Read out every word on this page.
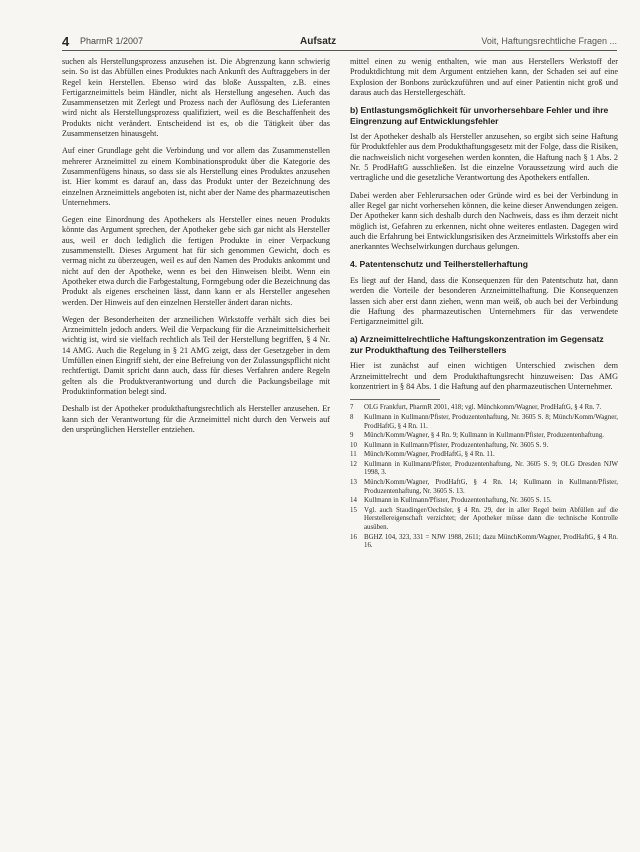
4 PharmR 1/2007	Aufsatz	Voit, Haftungsrechtliche Fragen ...

suchen als Herstellungsprozess anzusehen ist. Die Abgrenzung kann schwierig sein. So ist das Abfüllen eines Produktes nach Ankunft des Auftraggebers in der Regel kein Herstellen. Ebenso wird das bloße Ausspalten, z.B. eines Fertigarzneimittels beim Händler, nicht als Herstellung angesehen. Auch das Zusammensetzen mit Zerlegt und Prozess nach der Auflösung des Lieferanten wird nicht als Herstellungsprozess qualifiziert, weil es die Beschaffenheit des Produkts nicht verändert. Entscheidend ist es, ob die Tätigkeit über das Zusammensetzen hinausgeht.

Auf einer Grundlage geht die Verbindung und vor allem das Zusammenstellen mehrerer Arzneimittel zu einem Kombinationsprodukt über die Kategorie des Zusammenfügens hinaus, so dass sie als Herstellung eines Produktes anzusehen ist. Hier kommt es darauf an, dass das Produkt unter der Bezeichnung des einzelnen Arzneimittels angeboten ist, nicht aber der Name des pharmazeutischen Unternehmers.

Gegen eine Einordnung des Apothekers als Hersteller eines neuen Produkts könnte das Argument sprechen, der Apotheker gebe sich gar nicht als Hersteller aus, weil er doch lediglich die fertigen Produkte in einer Verpackung zusammenstellt. Dieses Argument hat für sich genommen Gewicht, doch es vermag nicht zu überzeugen, weil es auf den Namen des Produkts ankommt und nicht auf den der Apotheke, wenn es bei den Hinweisen bleibt. Wenn ein Apotheker etwa durch die Farbgestaltung, Formgebung oder die Bezeichnung das Produkt als eigenes erscheinen lässt, dann kann er als Hersteller angesehen werden. Der Hinweis auf den einzelnen Hersteller ändert daran nichts.

Wegen der Besonderheiten der arzneilichen Wirkstoffe verhält sich dies bei Arzneimitteln jedoch anders. Weil die Verpackung für die Arzneimittelsicherheit wichtig ist, wird sie vielfach rechtlich als Teil der Herstellung begriffen, § 4 Nr. 14 AMG. Auch die Regelung in § 21 AMG zeigt, dass der Gesetzgeber in dem Umfüllen einen Eingriff sieht, der eine Befreiung von der Zulassungspflicht nicht rechtfertigt. Damit spricht dann auch, dass für dieses Verfahren andere Regeln gelten als die Produktverantwortung und durch die Packungsbeilage mit Produktinformation belegt sind.

Deshalb ist der Apotheker produkthaftungsrechtlich als Hersteller anzusehen. Er kann sich der Verantwortung für die Arzneimittel nicht durch den Verweis auf den ursprünglichen Hersteller entziehen.

mittel einen zu wenig enthalten, wie man aus Herstellers Werkstoff der Produktdichtung mit dem Argument entziehen kann, der Schaden sei auf eine Explosion der Bonbons zurückzuführen und auf einer Patientin nicht groß und daraus auch das Herstellergeschäft.

b) Entlastungsmöglichkeit für unvorhersehbare Fehler und ihre Eingrenzung auf Entwicklungsfehler

Ist der Apotheker deshalb als Hersteller anzusehen, so ergibt sich seine Haftung für Produktfehler aus dem Produkthaftungsgesetz mit der Folge, dass die Risiken, die nachweislich nicht vorgesehen werden konnten, die Haftung nach § 1 Abs. 2 Nr. 5 ProdHaftG ausschließen. Ist die einzelne Voraussetzung wird auch die vertragliche und die gesetzliche Verantwortung des Apothekers entfallen.

Dabei werden aber Fehlerursachen oder Gründe wird es bei der Verbindung in aller Regel gar nicht vorhersehen können, die keine dieser Anwendungen zeigen. Der Apotheker kann sich deshalb durch den Nachweis, dass es ihm derzeit nicht möglich ist, Gefahren zu erkennen, nicht ohne weiteres entlasten. Dagegen wird auch die Erfahrung bei Entwicklungsrisiken des Arzneimittels Wirkstoffs aber ein anerkanntes Wechselwirkungen durchaus gelungen.

4. Patentenschutz und Teilherstellerhaftung

Es liegt auf der Hand, dass die Konsequenzen für den Patentschutz hat, dann werden die Vorteile der besonderen Arzneimittelhaftung. Die Konsequenzen lassen sich aber erst dann ziehen, wenn man weiß, ob auch bei der Verbindung die Haftung des pharmazeutischen Unternehmers für das verwendete Fertigarzneimittel gilt.

a) Arzneimittelrechtliche Haftungskonzentration im Gegensatz zur Produkthaftung des Teilherstellers

Hier ist zunächst auf einen wichtigen Unterschied zwischen dem Arzneimittelrecht und dem Produkthaftungsrecht hinzuweisen: Das AMG konzentriert in § 84 Abs. 1 die Haftung auf den pharmazeutischen Unternehmer.

7	OLG Frankfurt, PharmR 2001, 418; vgl. Münchkomm/Wagner, ProdHaftG, § 4 Rn. 7.
8	Kullmann in Kullmann/Pfister, Produzentenhaftung, Nr. 3605 S. 8; Münch/Komm/Wagner, ProdHaftG, § 4 Rn. 11.
9	Münch/Komm/Wagner, § 4 Rn. 9; Kullmann in Kullmann/Pfister, Produzentenhaftung.
10	Kullmann in Kullmann/Pfister, Produzentenhaftung, Nr. 3605 S. 9.
11	Münch/Komm/Wagner, ProdHaftG, § 4 Rn. 11.
12	Kullmann in Kullmann/Pfister, Produzentenhaftung, Nr. 3605 S. 9; OLG Dresden NJW 1998, 3.
13	Münch/Komm/Wagner, ProdHaftG, § 4 Rn. 14; Kullmann in Kullmann/Pfister, Produzentenhaftung, Nr. 3605 S. 13.
14	Kullmann in Kullmann/Pfister, Produzentenhaftung, Nr. 3605 S. 15.
15	Vgl. auch Staudinger/Oechsler, § 4 Rn. 29, der in aller Regel beim Abfüllen auf die Herstellereigenschaft verzichtet; der Apotheker müsse dann die technische Kontrolle ausüben.
16	BGHZ 104, 323, 331 = NJW 1988, 2611; dazu MünchKomm/Wagner, ProdHaftG, § 4 Rn. 16.
